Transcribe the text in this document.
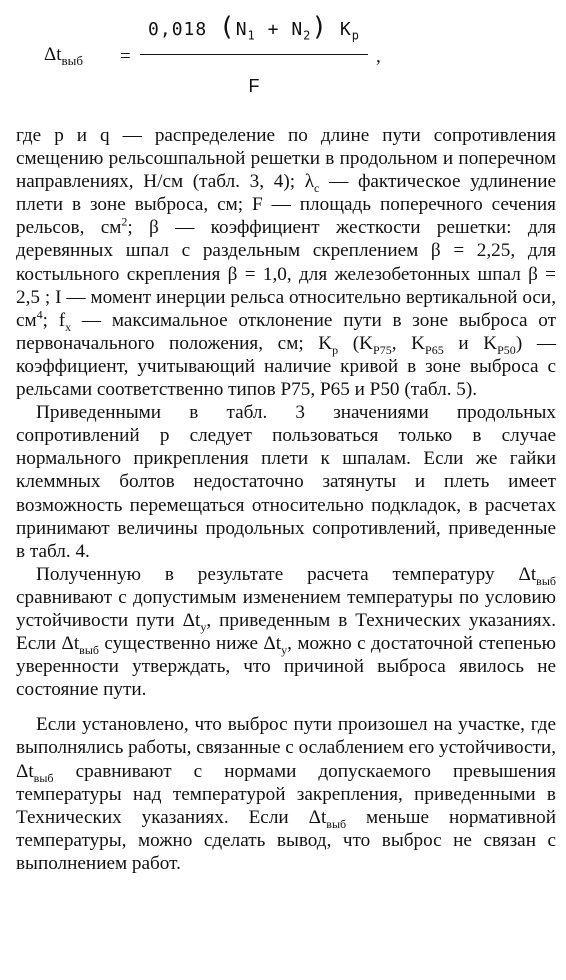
$\Delta t_{выб}$ =
0,018 $(N_1 + N_2)$ $K_p$
F
,

где p и q — распределение по длине пути сопротивления смещению рельсошпальной решетки в продольном и поперечном направлениях, Н/см (табл. 3, 4); $\lambda_c$ — фактическое удлинение плети в зоне выброса, см; F — площадь поперечного сечения рельсов, $см^2$; β — коэффициент жесткости решетки: для деревянных шпал с раздельным скреплением β = 2,25, для костыльного скрепления β = 1,0, для железобетонных шпал β = 2,5 ; I — момент инерции рельса относительно вертикальной оси, $см^4$; $f_x$ — максимальное отклонение пути в зоне выброса от первоначального положения, см; $K_p$ ($K_{P75}$, $K_{P65}$ и $K_{P50}$) — коэффициент, учитывающий наличие кривой в зоне выброса с рельсами соответственно типов Р75, Р65 и Р50 (табл. 5).

Приведенными в табл. 3 значениями продольных сопротивлений p следует пользоваться только в случае нормального прикрепления плети к шпалам. Если же гайки клеммных болтов недостаточно затянуты и плеть имеет возможность перемещаться относительно подкладок, в расчетах принимают величины продольных сопротивлений, приведенные в табл. 4.

Полученную в результате расчета температуру $\Delta t_{выб}$ сравнивают с допустимым изменением температуры по условию устойчивости пути $\Delta t_y$, приведенным в Технических указаниях. Если $\Delta t_{выб}$ существенно ниже $\Delta t_y$, можно с достаточной степенью уверенности утверждать, что причиной выброса явилось не состояние пути.

Если установлено, что выброс пути произошел на участке, где выполнялись работы, связанные с ослаблением его устойчивости, $\Delta t_{выб}$ сравнивают с нормами допускаемого превышения температуры над температурой закрепления, приведенными в Технических указаниях. Если $\Delta t_{выб}$ меньше нормативной температуры, можно сделать вывод, что выброс не связан с выполнением работ.
